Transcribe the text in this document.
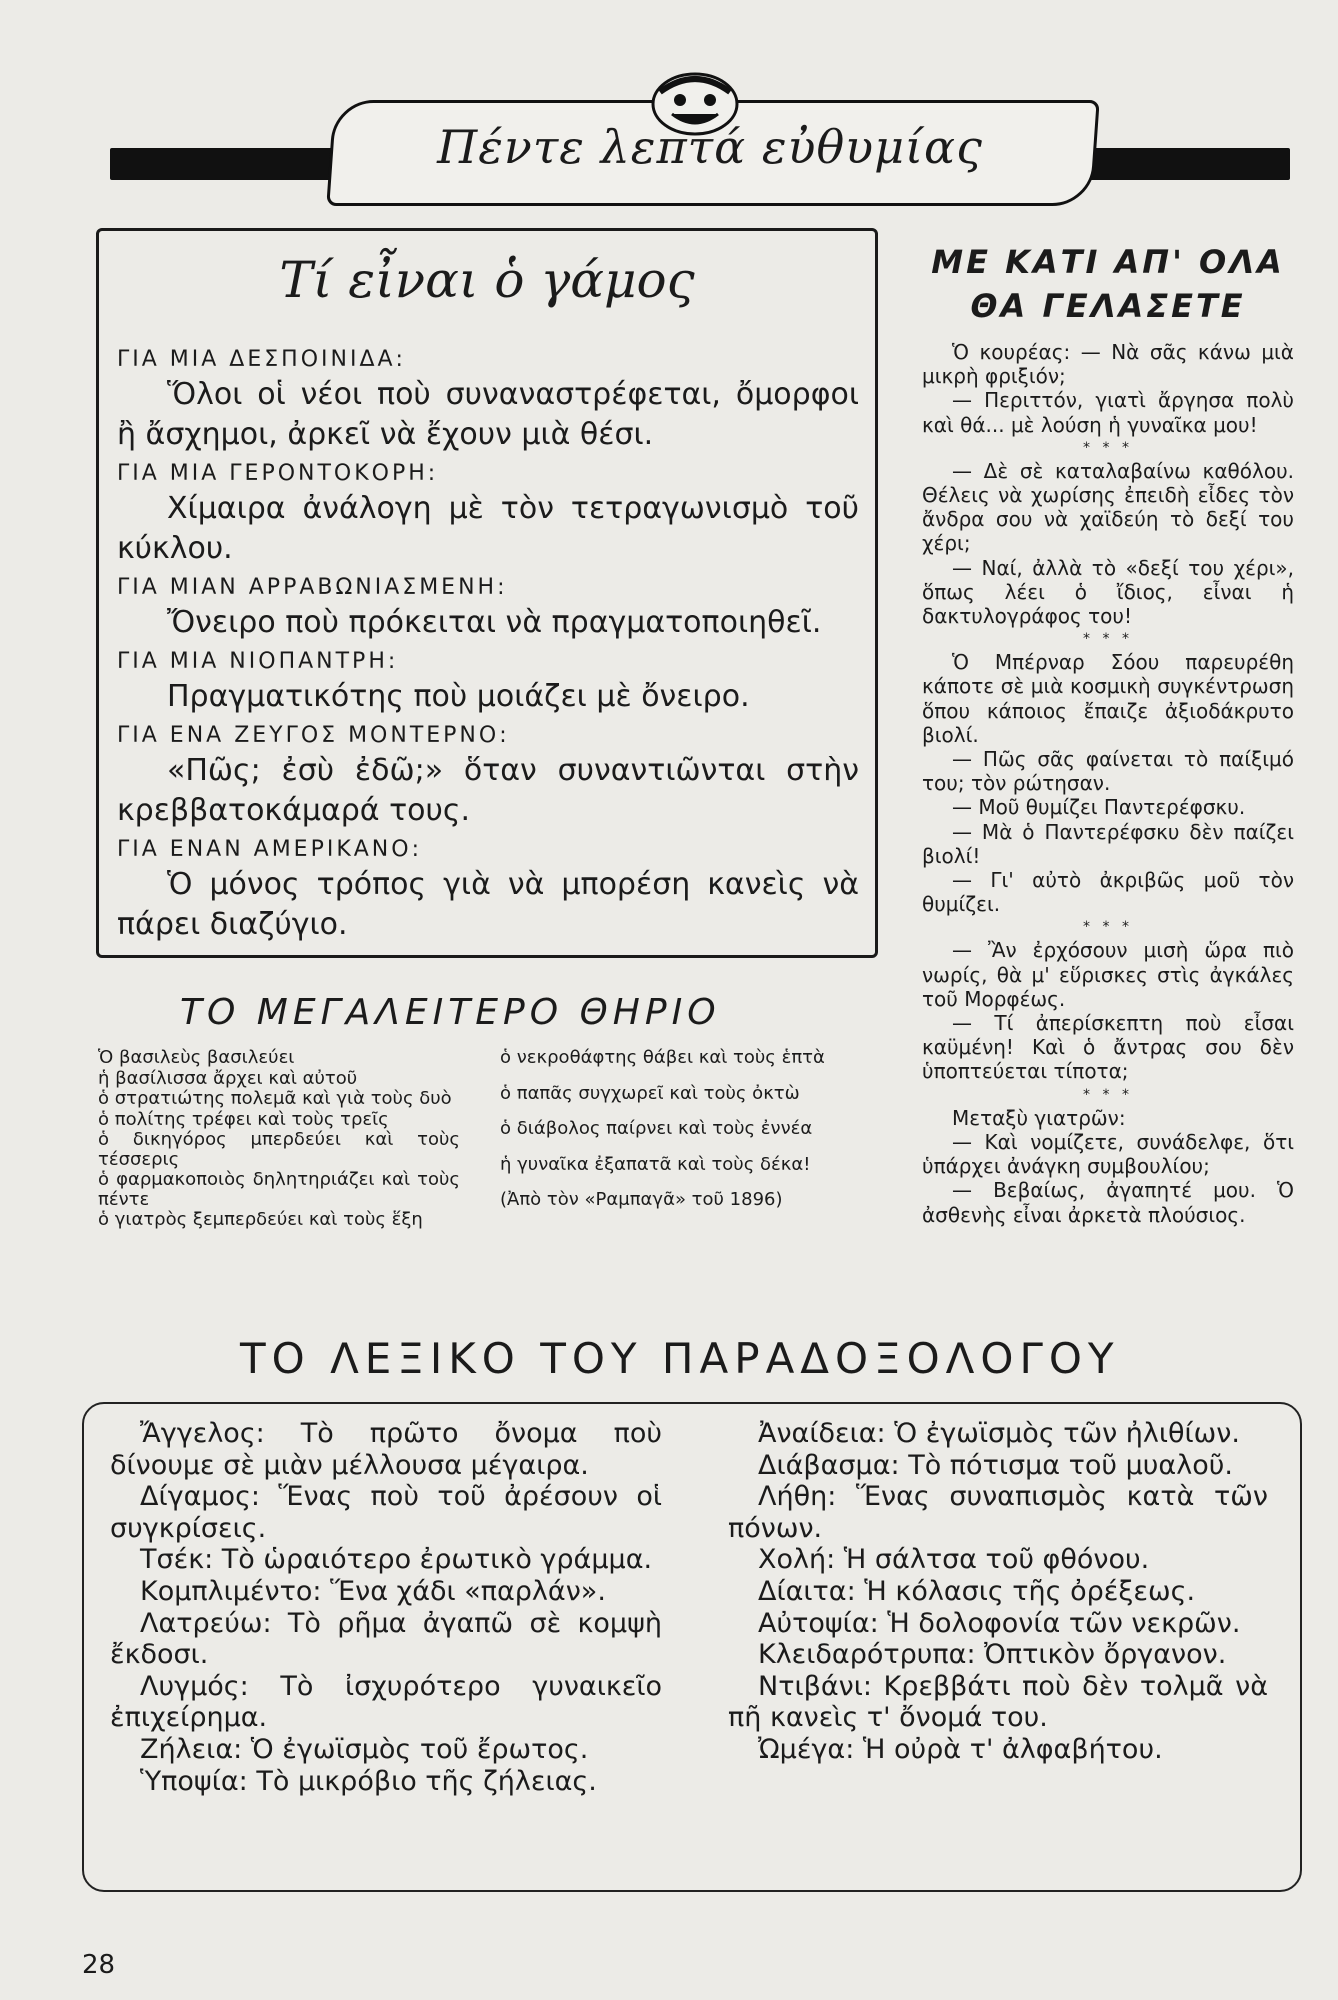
Πέντε λεπτά εὐθυμίας
Τί εἶναι ὁ γάμος
ΓΙΑ ΜΙΑ ΔΕΣΠΟΙΝΙΔΑ:
Ὅλοι οἱ νέοι ποὺ συναναστρέφεται, ὄμορφοι ἢ ἄσχημοι, ἀρκεῖ νὰ ἔχουν μιὰ θέσι.
ΓΙΑ ΜΙΑ ΓΕΡΟΝΤΟΚΟΡΗ:
Χίμαιρα ἀνάλογη μὲ τὸν τετραγωνισμὸ τοῦ κύκλου.
ΓΙΑ ΜΙΑΝ ΑΡΡΑΒΩΝΙΑΣΜΕΝΗ:
Ὄνειρο ποὺ πρόκειται νὰ πραγματοποιηθεῖ.
ΓΙΑ ΜΙΑ ΝΙΟΠΑΝΤΡΗ:
Πραγματικότης ποὺ μοιάζει μὲ ὄνειρο.
ΓΙΑ ΕΝΑ ΖΕΥΓΟΣ ΜΟΝΤΕΡΝΟ:
«Πῶς; ἐσὺ ἐδῶ;» ὅταν συναντιῶνται στὴν κρεββατοκάμαρά τους.
ΓΙΑ ΕΝΑΝ ΑΜΕΡΙΚΑΝΟ:
Ὁ μόνος τρόπος γιὰ νὰ μπορέση κανεὶς νὰ πάρει διαζύγιο.
ΜΕ ΚΑΤΙ ΑΠ' ΟΛΑ
ΘΑ ΓΕΛΑΣΕΤΕ

Ὁ κουρέας: — Νὰ σᾶς κάνω μιὰ μικρὴ φριξιόν;

— Περιττόν, γιατὶ ἄργησα πολὺ καὶ θά... μὲ λούση ἡ γυναῖκα μου!

* * *

— Δὲ σὲ καταλαβαίνω καθόλου. Θέλεις νὰ χωρίσης ἐπειδὴ εἶδες τὸν ἄνδρα σου νὰ χαϊδεύη τὸ δεξί του χέρι;

— Ναί, ἀλλὰ τὸ «δεξί του χέρι», ὅπως λέει ὁ ἴδιος, εἶναι ἡ δακτυλογράφος του!

* * *

Ὁ Μπέρναρ Σόου παρευρέθη κάποτε σὲ μιὰ κοσμικὴ συγκέντρωση ὅπου κάποιος ἔπαιζε ἀξιοδάκρυτο βιολί.

— Πῶς σᾶς φαίνεται τὸ παίξιμό του; τὸν ρώτησαν.

— Μοῦ θυμίζει Παντερέφσκυ.

— Μὰ ὁ Παντερέφσκυ δὲν παίζει βιολί!

— Γι' αὐτὸ ἀκριβῶς μοῦ τὸν θυμίζει.

* * *

— Ἂν ἐρχόσουν μισὴ ὥρα πιὸ νωρίς, θὰ μ' εὕρισκες στὶς ἀγκάλες τοῦ Μορφέως.

— Τί ἀπερίσκεπτη ποὺ εἶσαι καϋμένη! Καὶ ὁ ἄντρας σου δὲν ὑποπτεύεται τίποτα;

* * *

Μεταξὺ γιατρῶν:

— Καὶ νομίζετε, συνάδελφε, ὅτι ὑπάρχει ἀνάγκη συμβουλίου;

— Βεβαίως, ἀγαπητέ μου. Ὁ ἀσθενὴς εἶναι ἀρκετὰ πλούσιος.

ΤΟ ΜΕΓΑΛΕΙΤΕΡΟ ΘΗΡΙΟ
Ὁ βασιλεὺς βασιλεύει
ἡ βασίλισσα ἄρχει καὶ αὐτοῦ
ὁ στρατιώτης πολεμᾶ καὶ γιὰ τοὺς δυὸ
ὁ πολίτης τρέφει καὶ τοὺς τρεῖς
ὁ δικηγόρος μπερδεύει καὶ τοὺς τέσσερις
ὁ φαρμακοποιὸς δηλητηριάζει καὶ τοὺς πέντε
ὁ γιατρὸς ξεμπερδεύει καὶ τοὺς ἕξη
ὁ νεκροθάφτης θάβει καὶ τοὺς ἑπτὰ
ὁ παπᾶς συγχωρεῖ καὶ τοὺς ὀκτὼ
ὁ διάβολος παίρνει καὶ τοὺς ἐννέα
ἡ γυναῖκα ἐξαπατᾶ καὶ τοὺς δέκα!
(Ἀπὸ τὸν «Ραμπαγᾶ» τοῦ 1896)
ΤΟ ΛΕΞΙΚΟ ΤΟΥ ΠΑΡΑΔΟΞΟΛΟΓΟΥ

Ἄγγελος: Τὸ πρῶτο ὄνομα ποὺ δίνουμε σὲ μιὰν μέλλουσα μέγαιρα.

Δίγαμος: Ἕνας ποὺ τοῦ ἀρέσουν οἱ συγκρίσεις.

Τσέκ: Τὸ ὡραιότερο ἐρωτικὸ γράμμα.

Κομπλιμέντο: Ἕνα χάδι «παρλάν».

Λατρεύω: Τὸ ρῆμα ἀγαπῶ σὲ κομψὴ ἔκδοσι.

Λυγμός: Τὸ ἰσχυρότερο γυναικεῖο ἐπιχείρημα.

Ζήλεια: Ὁ ἐγωϊσμὸς τοῦ ἔρωτος.

Ὑποψία: Τὸ μικρόβιο τῆς ζήλειας.

Ἀναίδεια: Ὁ ἐγωϊσμὸς τῶν ἠλιθίων.

Διάβασμα: Τὸ πότισμα τοῦ μυαλοῦ.

Λήθη: Ἕνας συναπισμὸς κατὰ τῶν πόνων.

Χολή: Ἡ σάλτσα τοῦ φθόνου.

Δίαιτα: Ἡ κόλασις τῆς ὀρέξεως.

Αὐτοψία: Ἡ δολοφονία τῶν νεκρῶν.

Κλειδαρότρυπα: Ὀπτικὸν ὄργανον.

Ντιβάνι: Κρεββάτι ποὺ δὲν τολμᾶ νὰ πῆ κανεὶς τ' ὄνομά του.

Ὠμέγα: Ἡ οὐρὰ τ' ἀλφαβήτου.

28
